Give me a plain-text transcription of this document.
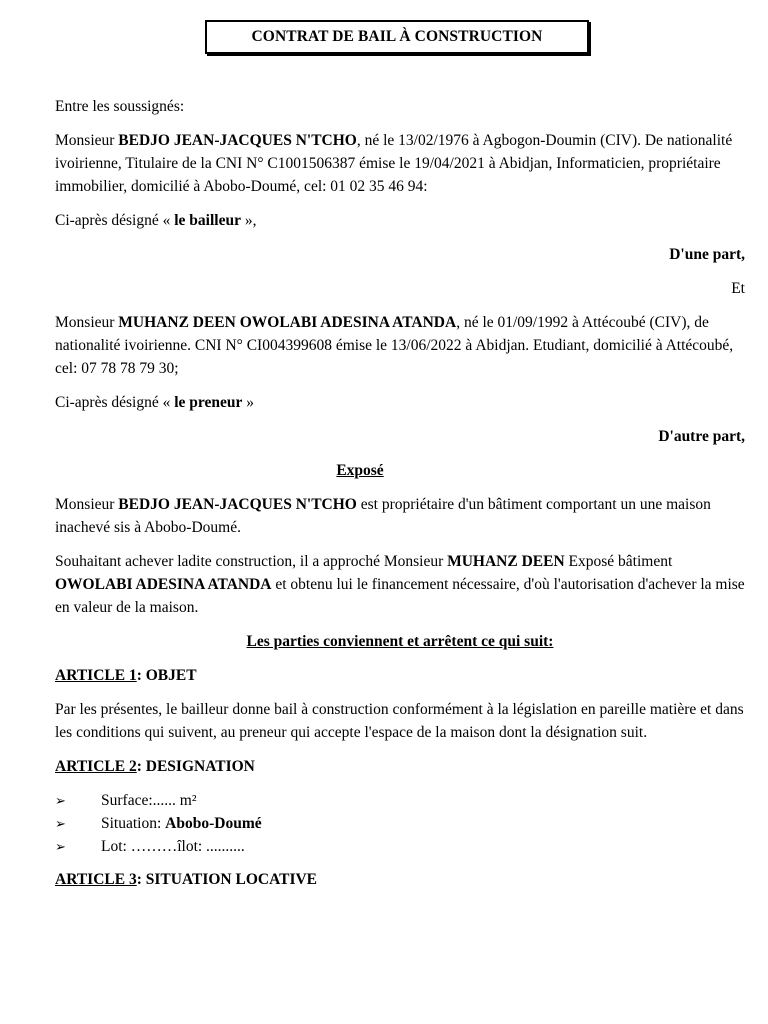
CONTRAT DE BAIL À CONSTRUCTION

Entre les soussignés:

Monsieur BEDJO JEAN-JACQUES N'TCHO, né le 13/02/1976 à Agbogon-Doumin (CIV). De nationalité ivoirienne, Titulaire de la CNI N° C1001506387 émise le 19/04/2021 à Abidjan, Informaticien, propriétaire immobilier, domicilié à Abobo-Doumé, cel: 01 02 35 46 94:

Ci-après désigné « le bailleur »,

D'une part,

Et

Monsieur MUHANZ DEEN OWOLABI ADESINA ATANDA, né le 01/09/1992 à Attécoubé (CIV), de nationalité ivoirienne. CNI N° CI004399608 émise le 13/06/2022 à Abidjan. Etudiant, domicilié à Attécoubé, cel: 07 78 78 79 30;

Ci-après désigné « le preneur »

D'autre part,

Exposé

Monsieur BEDJO JEAN-JACQUES N'TCHO est propriétaire d'un bâtiment comportant un une maison inachevé sis à Abobo-Doumé.

Souhaitant achever ladite construction, il a approché Monsieur MUHANZ DEEN Exposé bâtiment OWOLABI ADESINA ATANDA et obtenu lui le financement nécessaire, d'où l'autorisation d'achever la mise en valeur de la maison.

Les parties conviennent et arrêtent ce qui suit:

ARTICLE 1: OBJET

Par les présentes, le bailleur donne bail à construction conformément à la législation en pareille matière et dans les conditions qui suivent, au preneur qui accepte l'espace de la maison dont la désignation suit.

ARTICLE 2: DESIGNATION

➢ Surface:...... m²
➢ Situation: Abobo-Doumé
➢ Lot: ………îlot: ..........

ARTICLE 3: SITUATION LOCATIVE
